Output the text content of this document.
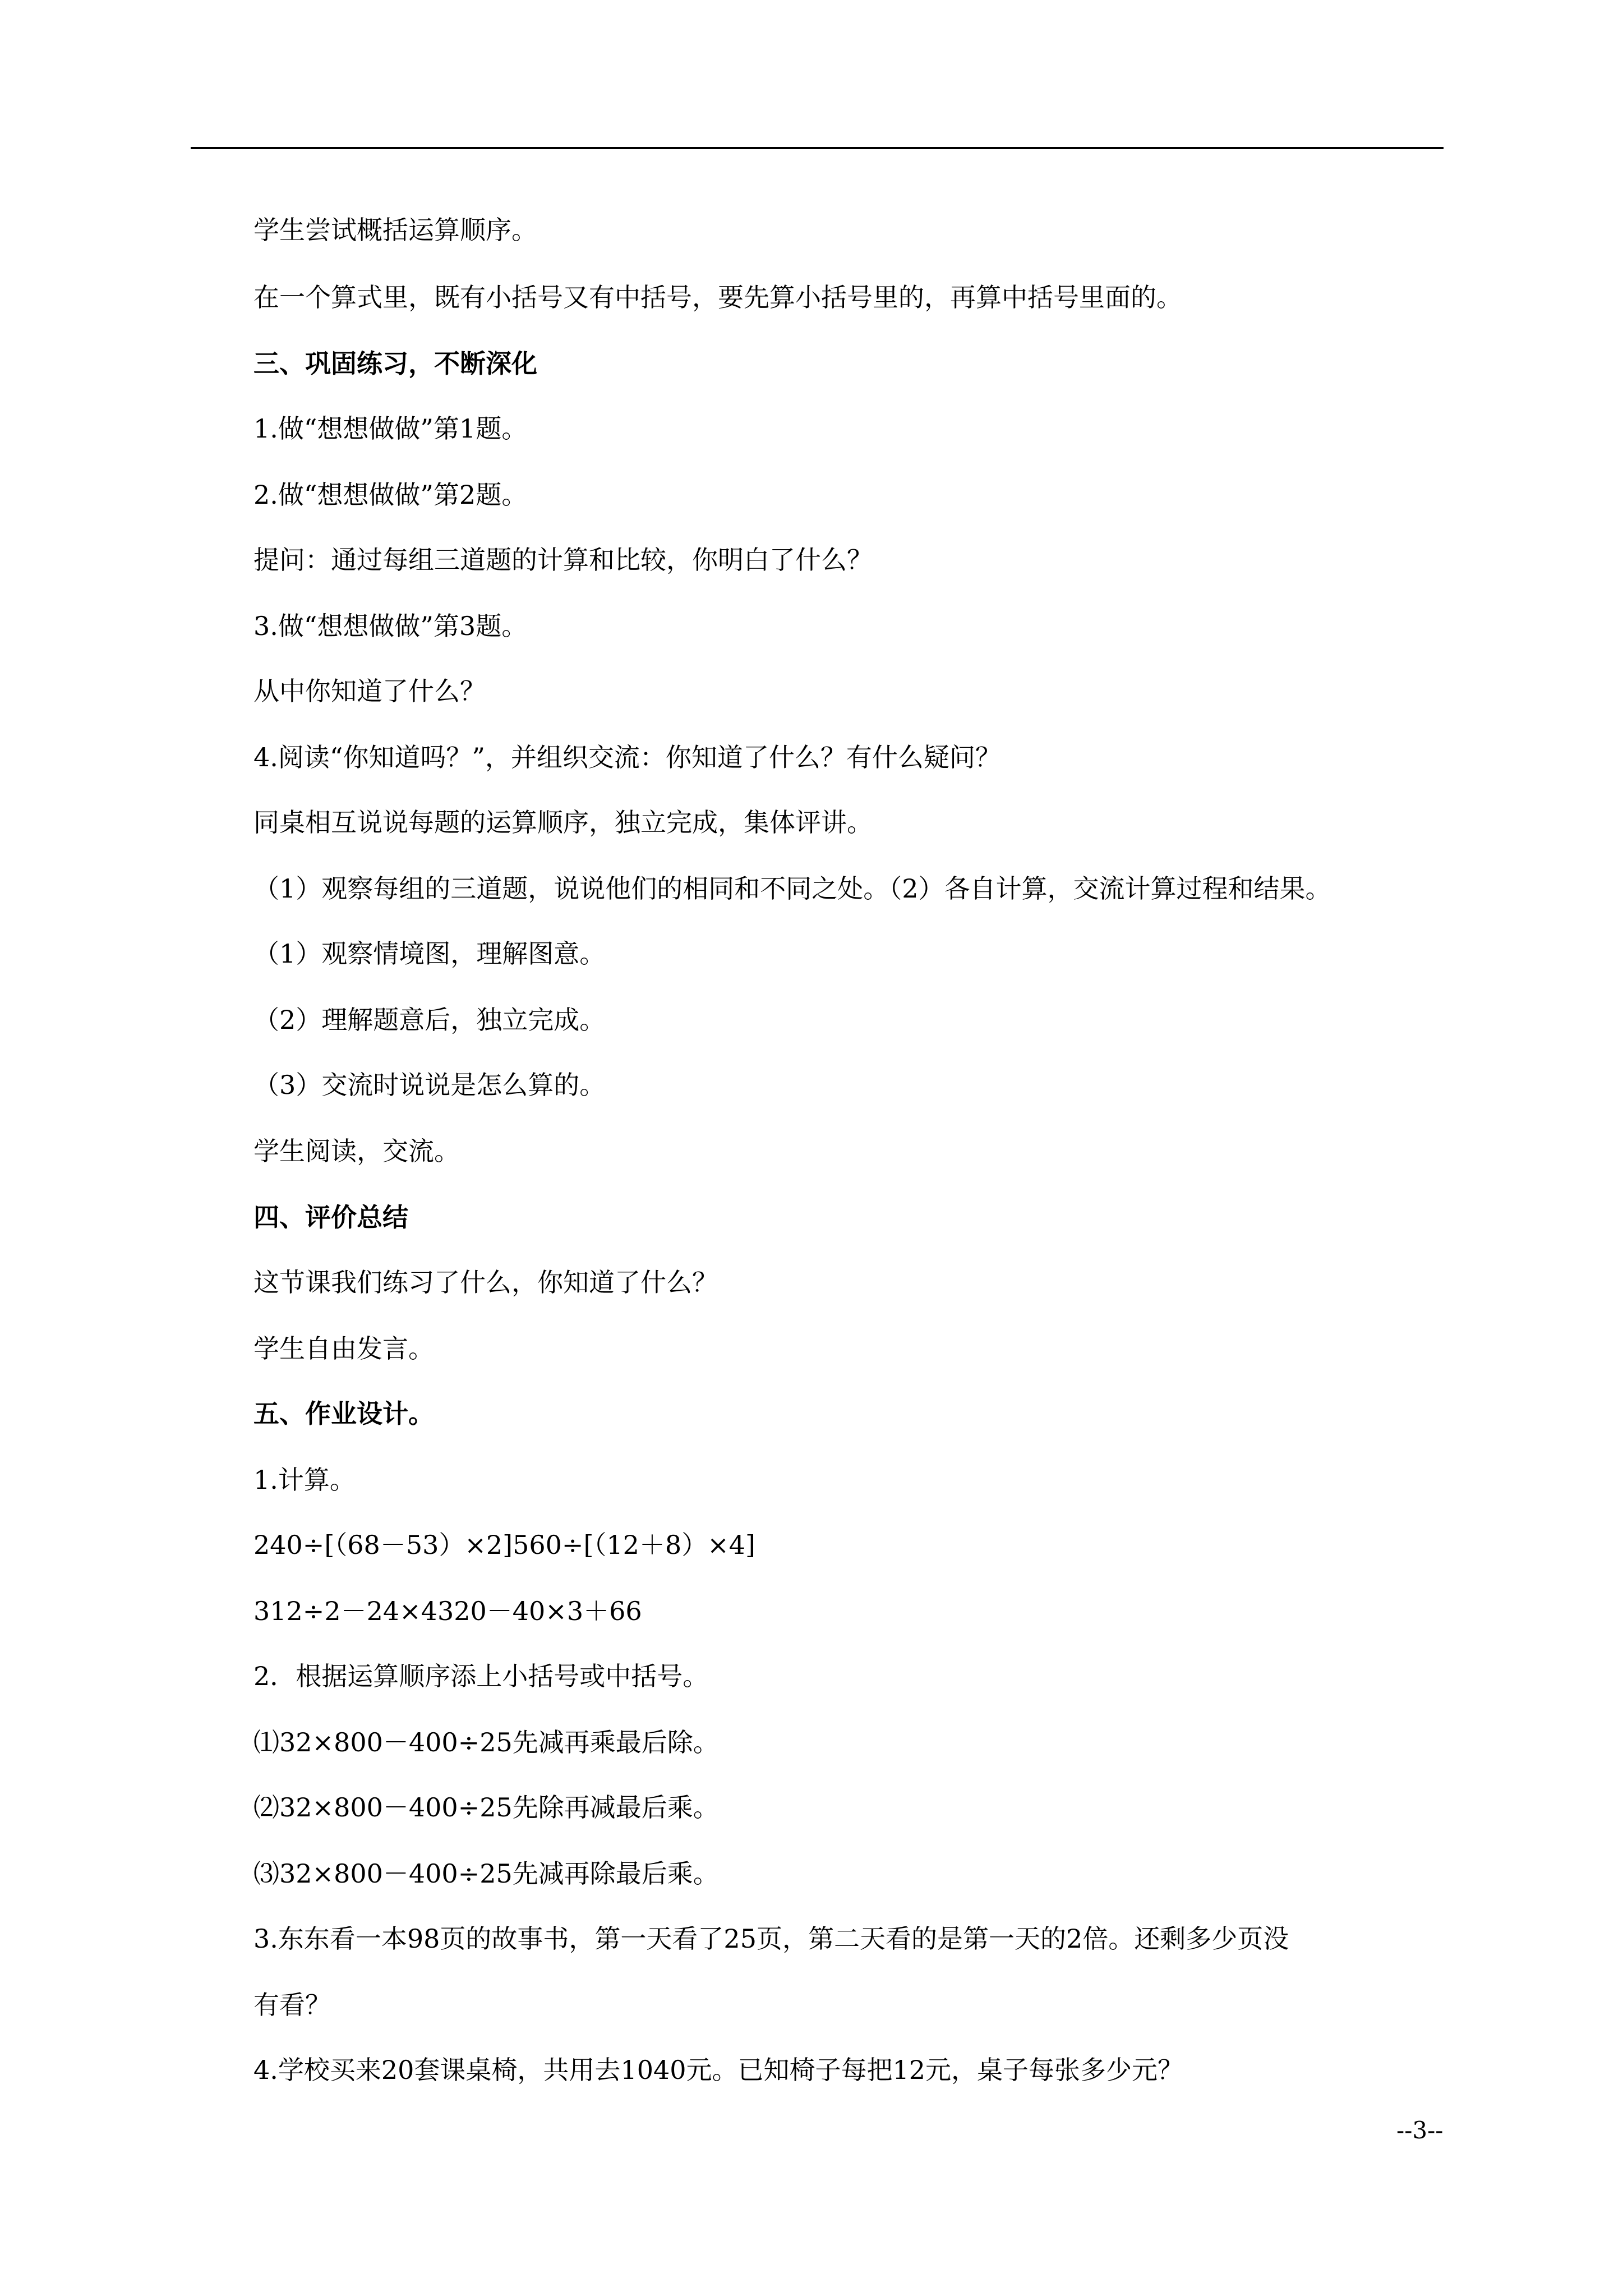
学生尝试概括运算顺序。
在一个算式里，既有小括号又有中括号，要先算小括号里的，再算中括号里面的。
三、巩固练习，不断深化
1.做“想想做做”第1题。
2.做“想想做做”第2题。
提问：通过每组三道题的计算和比较，你明白了什么？
3.做“想想做做”第3题。
从中你知道了什么？
4.阅读“你知道吗？”，并组织交流：你知道了什么？有什么疑问？
同桌相互说说每题的运算顺序，独立完成，集体评讲。
（1）观察每组的三道题，说说他们的相同和不同之处。（2）各自计算，交流计算过程和结果。
（1）观察情境图，理解图意。
（2）理解题意后，独立完成。
（3）交流时说说是怎么算的。
学生阅读，交流。
四、评价总结
这节课我们练习了什么，你知道了什么？
学生自由发言。
五、作业设计。
1.计算。
240÷[（68－53）×2]560÷[（12＋8）×4]
312÷2－24×4320－40×3＋66
2．根据运算顺序添上小括号或中括号。
⑴32×800－400÷25先减再乘最后除。
⑵32×800－400÷25先除再减最后乘。
⑶32×800－400÷25先减再除最后乘。
3.东东看一本98页的故事书，第一天看了25页，第二天看的是第一天的2倍。还剩多少页没
有看？
4.学校买来20套课桌椅，共用去1040元。已知椅子每把12元，桌子每张多少元？
--3--
